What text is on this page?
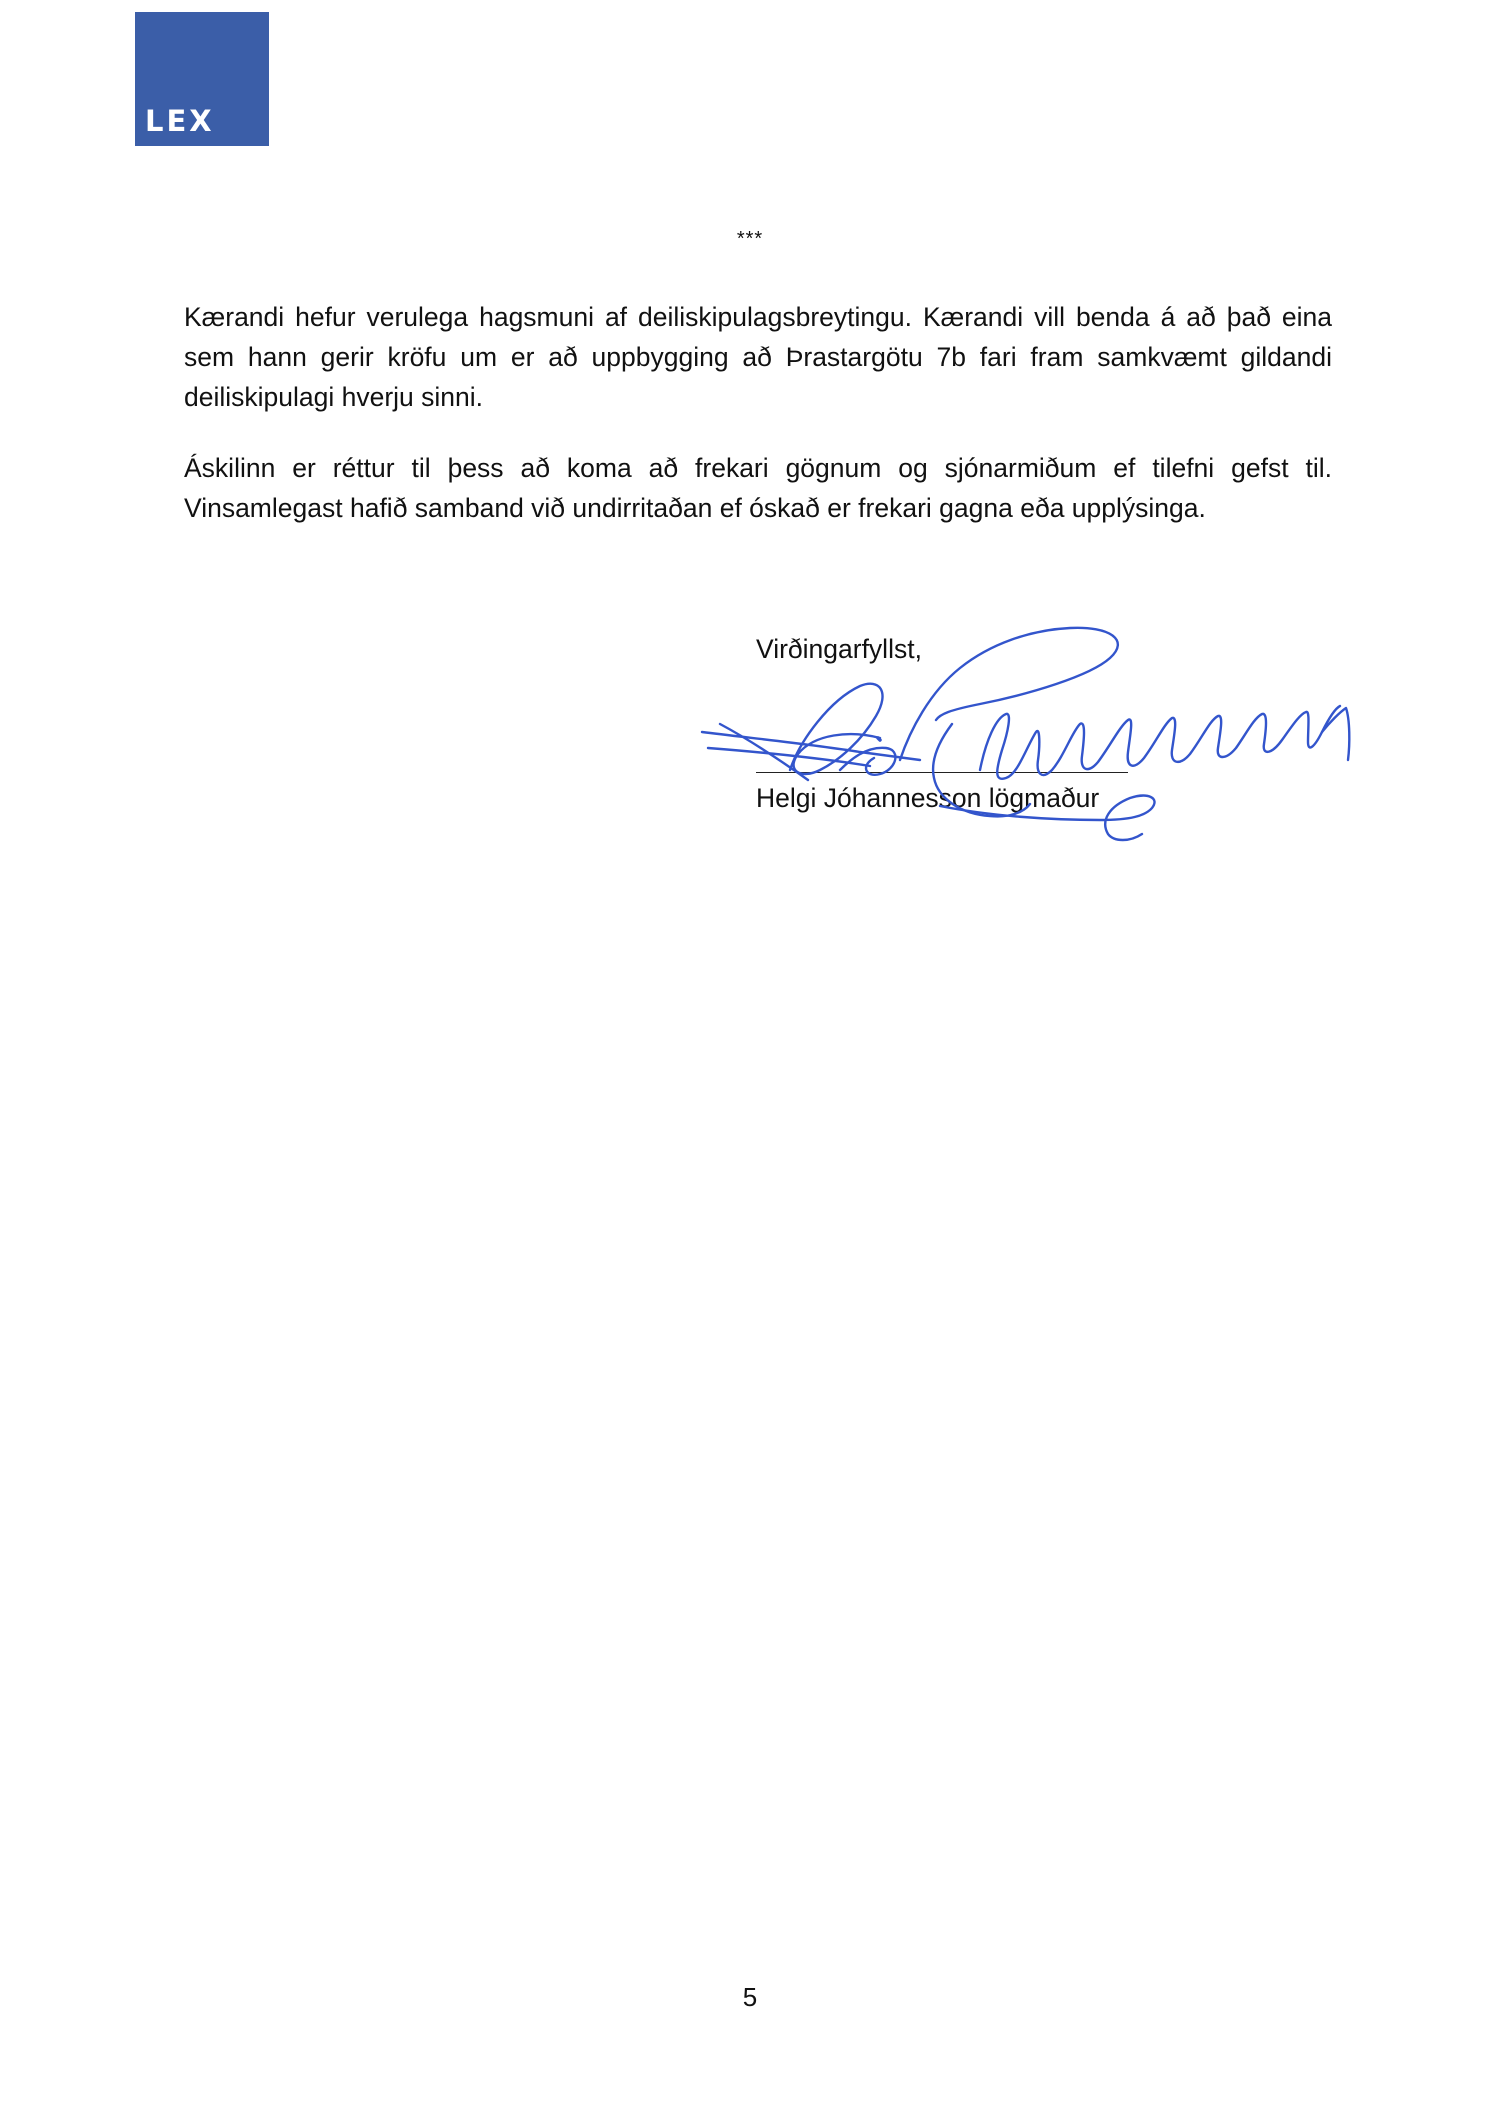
LEX
***

Kærandi hefur verulega hagsmuni af deiliskipulagsbreytingu. Kærandi vill benda á að það eina sem hann gerir kröfu um er að uppbygging að Þrastargötu 7b fari fram samkvæmt gildandi deiliskipulagi hverju sinni.

Áskilinn er réttur til þess að koma að frekari gögnum og sjónarmiðum ef tilefni gefst til. Vinsamlegast hafið samband við undirritaðan ef óskað er frekari gagna eða upplýsinga.

Virðingarfyllst,
Helgi Jóhannesson lögmaður
5
